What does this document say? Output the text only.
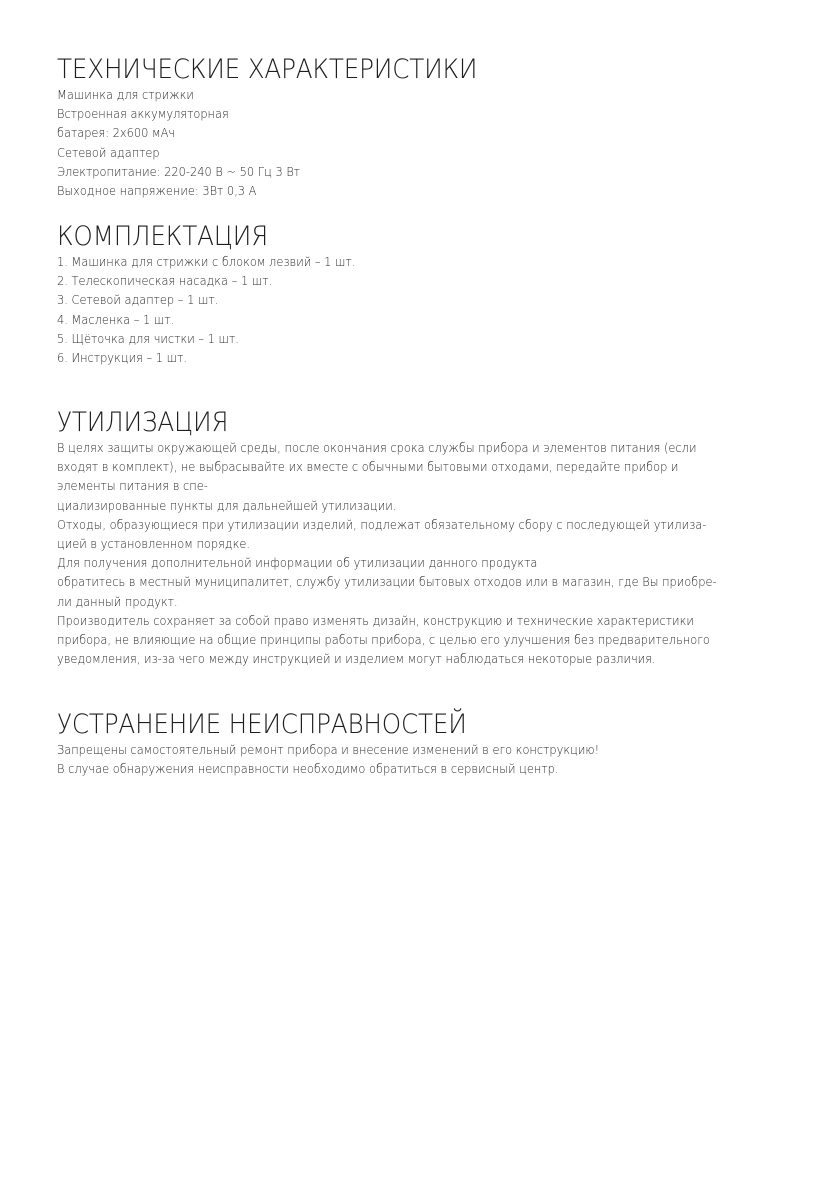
ТЕХНИЧЕСКИЕ ХАРАКТЕРИСТИКИ
Машинка для стрижки
Встроенная аккумуляторная
батарея: 2x600 мАч
Сетевой адаптер
Электропитание: 220-240 В ~ 50 Гц 3 Вт
Выходное напряжение: 3Вт 0,3 А
КОМПЛЕКТАЦИЯ
1. Машинка для стрижки с блоком лезвий – 1 шт.
2. Телескопическая насадка – 1 шт.
3. Сетевой адаптер – 1 шт.
4. Масленка – 1 шт.
5. Щёточка для чистки – 1 шт.
6. Инструкция – 1 шт.
УТИЛИЗАЦИЯ
В целях защиты окружающей среды, после окончания срока службы прибора и элементов питания (если
входят в комплект), не выбрасывайте их вместе с обычными бытовыми отходами, передайте прибор и
элементы питания в спе-
циализированные пункты для дальнейшей утилизации.
Отходы, образующиеся при утилизации изделий, подлежат обязательному сбору с последующей утилиза-
цией в установленном порядке.
Для получения дополнительной информации об утилизации данного продукта
обратитесь в местный муниципалитет, службу утилизации бытовых отходов или в магазин, где Вы приобре-
ли данный продукт.
Производитель сохраняет за собой право изменять дизайн, конструкцию и технические характеристики
прибора, не влияющие на общие принципы работы прибора, с целью его улучшения без предварительного
уведомления, из-за чего между инструкцией и изделием могут наблюдаться некоторые различия.
УСТРАНЕНИЕ НЕИСПРАВНОСТЕЙ
Запрещены самостоятельный ремонт прибора и внесение изменений в его конструкцию!
В случае обнаружения неисправности необходимо обратиться в сервисный центр.
